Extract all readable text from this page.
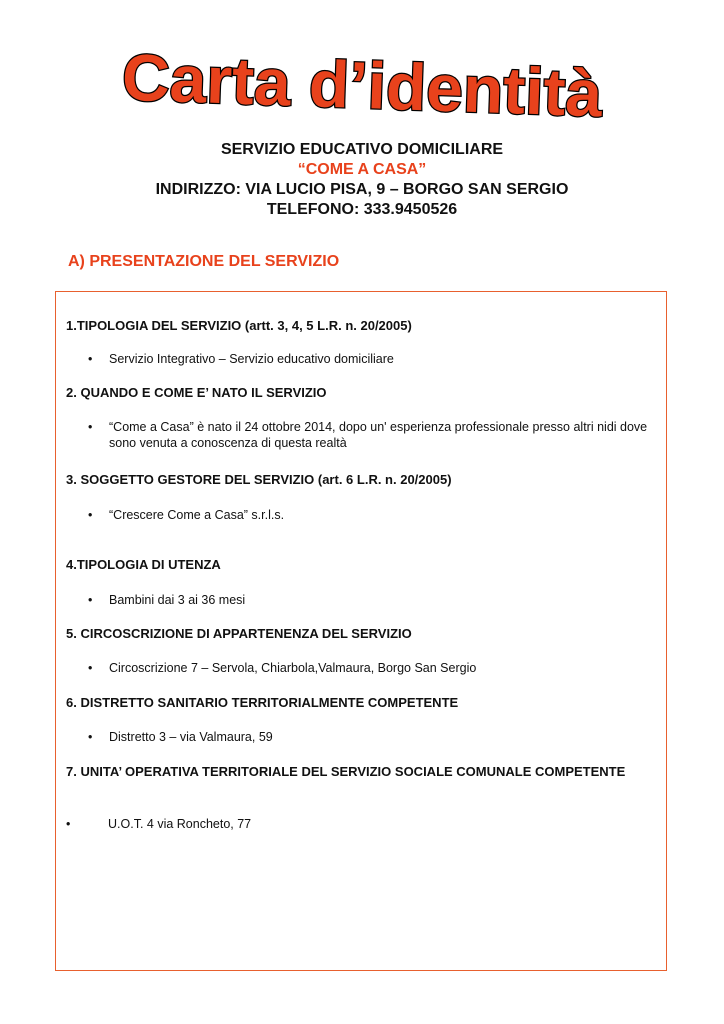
Carta d’identità
SERVIZIO EDUCATIVO DOMICILIARE
“COME A CASA”
INDIRIZZO: VIA LUCIO PISA, 9 – BORGO SAN SERGIO
TELEFONO: 333.9450526
A) PRESENTAZIONE DEL SERVIZIO
1.TIPOLOGIA DEL SERVIZIO (artt. 3, 4, 5 L.R. n. 20/2005)
• Servizio Integrativo – Servizio educativo domiciliare
2. QUANDO E COME E’ NATO IL SERVIZIO
• “Come a Casa” è nato il 24 ottobre 2014, dopo un' esperienza professionale presso altri nidi dove sono venuta a conoscenza di questa realtà
3. SOGGETTO GESTORE DEL SERVIZIO (art. 6 L.R. n. 20/2005)
• “Crescere Come a Casa” s.r.l.s.
4.TIPOLOGIA DI UTENZA
• Bambini dai 3 ai 36 mesi
5. CIRCOSCRIZIONE DI APPARTENENZA DEL SERVIZIO
• Circoscrizione 7 – Servola, Chiarbola,Valmaura, Borgo San Sergio
6. DISTRETTO SANITARIO TERRITORIALMENTE COMPETENTE
• Distretto 3 – via Valmaura, 59
7. UNITA’ OPERATIVA TERRITORIALE DEL SERVIZIO SOCIALE COMUNALE COMPETENTE
•	U.O.T. 4 via Roncheto, 77
